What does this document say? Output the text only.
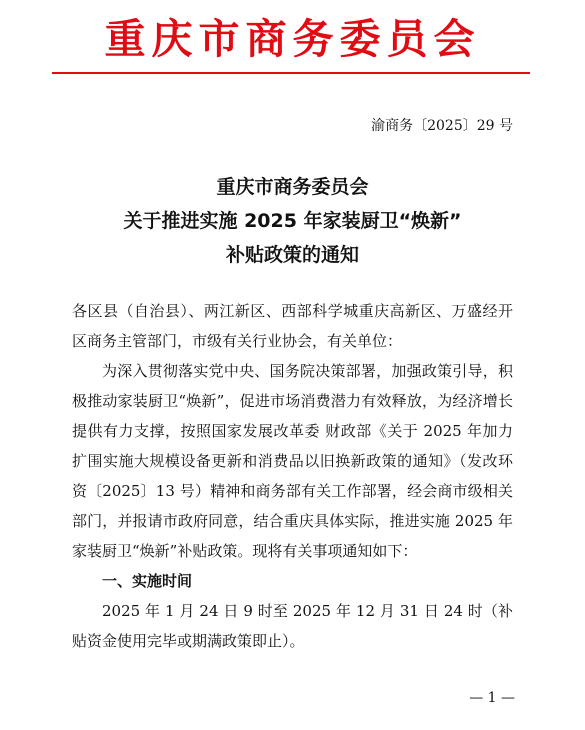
重庆市商务委员会
渝商务〔2025〕29 号
重庆市商务委员会
关于推进实施 2025 年家装厨卫“焕新”
补贴政策的通知

各区县（自治县）、两江新区、西部科学城重庆高新区、万盛经开区商务主管部门，市级有关行业协会，有关单位：

为深入贯彻落实党中央、国务院决策部署，加强政策引导，积极推动家装厨卫“焕新”，促进市场消费潜力有效释放，为经济增长提供有力支撑，按照国家发展改革委 财政部《关于 2025 年加力扩围实施大规模设备更新和消费品以旧换新政策的通知》（发改环资〔2025〕13 号）精神和商务部有关工作部署，经会商市级相关部门，并报请市政府同意，结合重庆具体实际，推进实施 2025 年家装厨卫“焕新”补贴政策。现将有关事项通知如下：

一、实施时间

2025 年 1 月 24 日 9 时至 2025 年 12 月 31 日 24 时（补贴资金使用完毕或期满政策即止）。

— 1 —
